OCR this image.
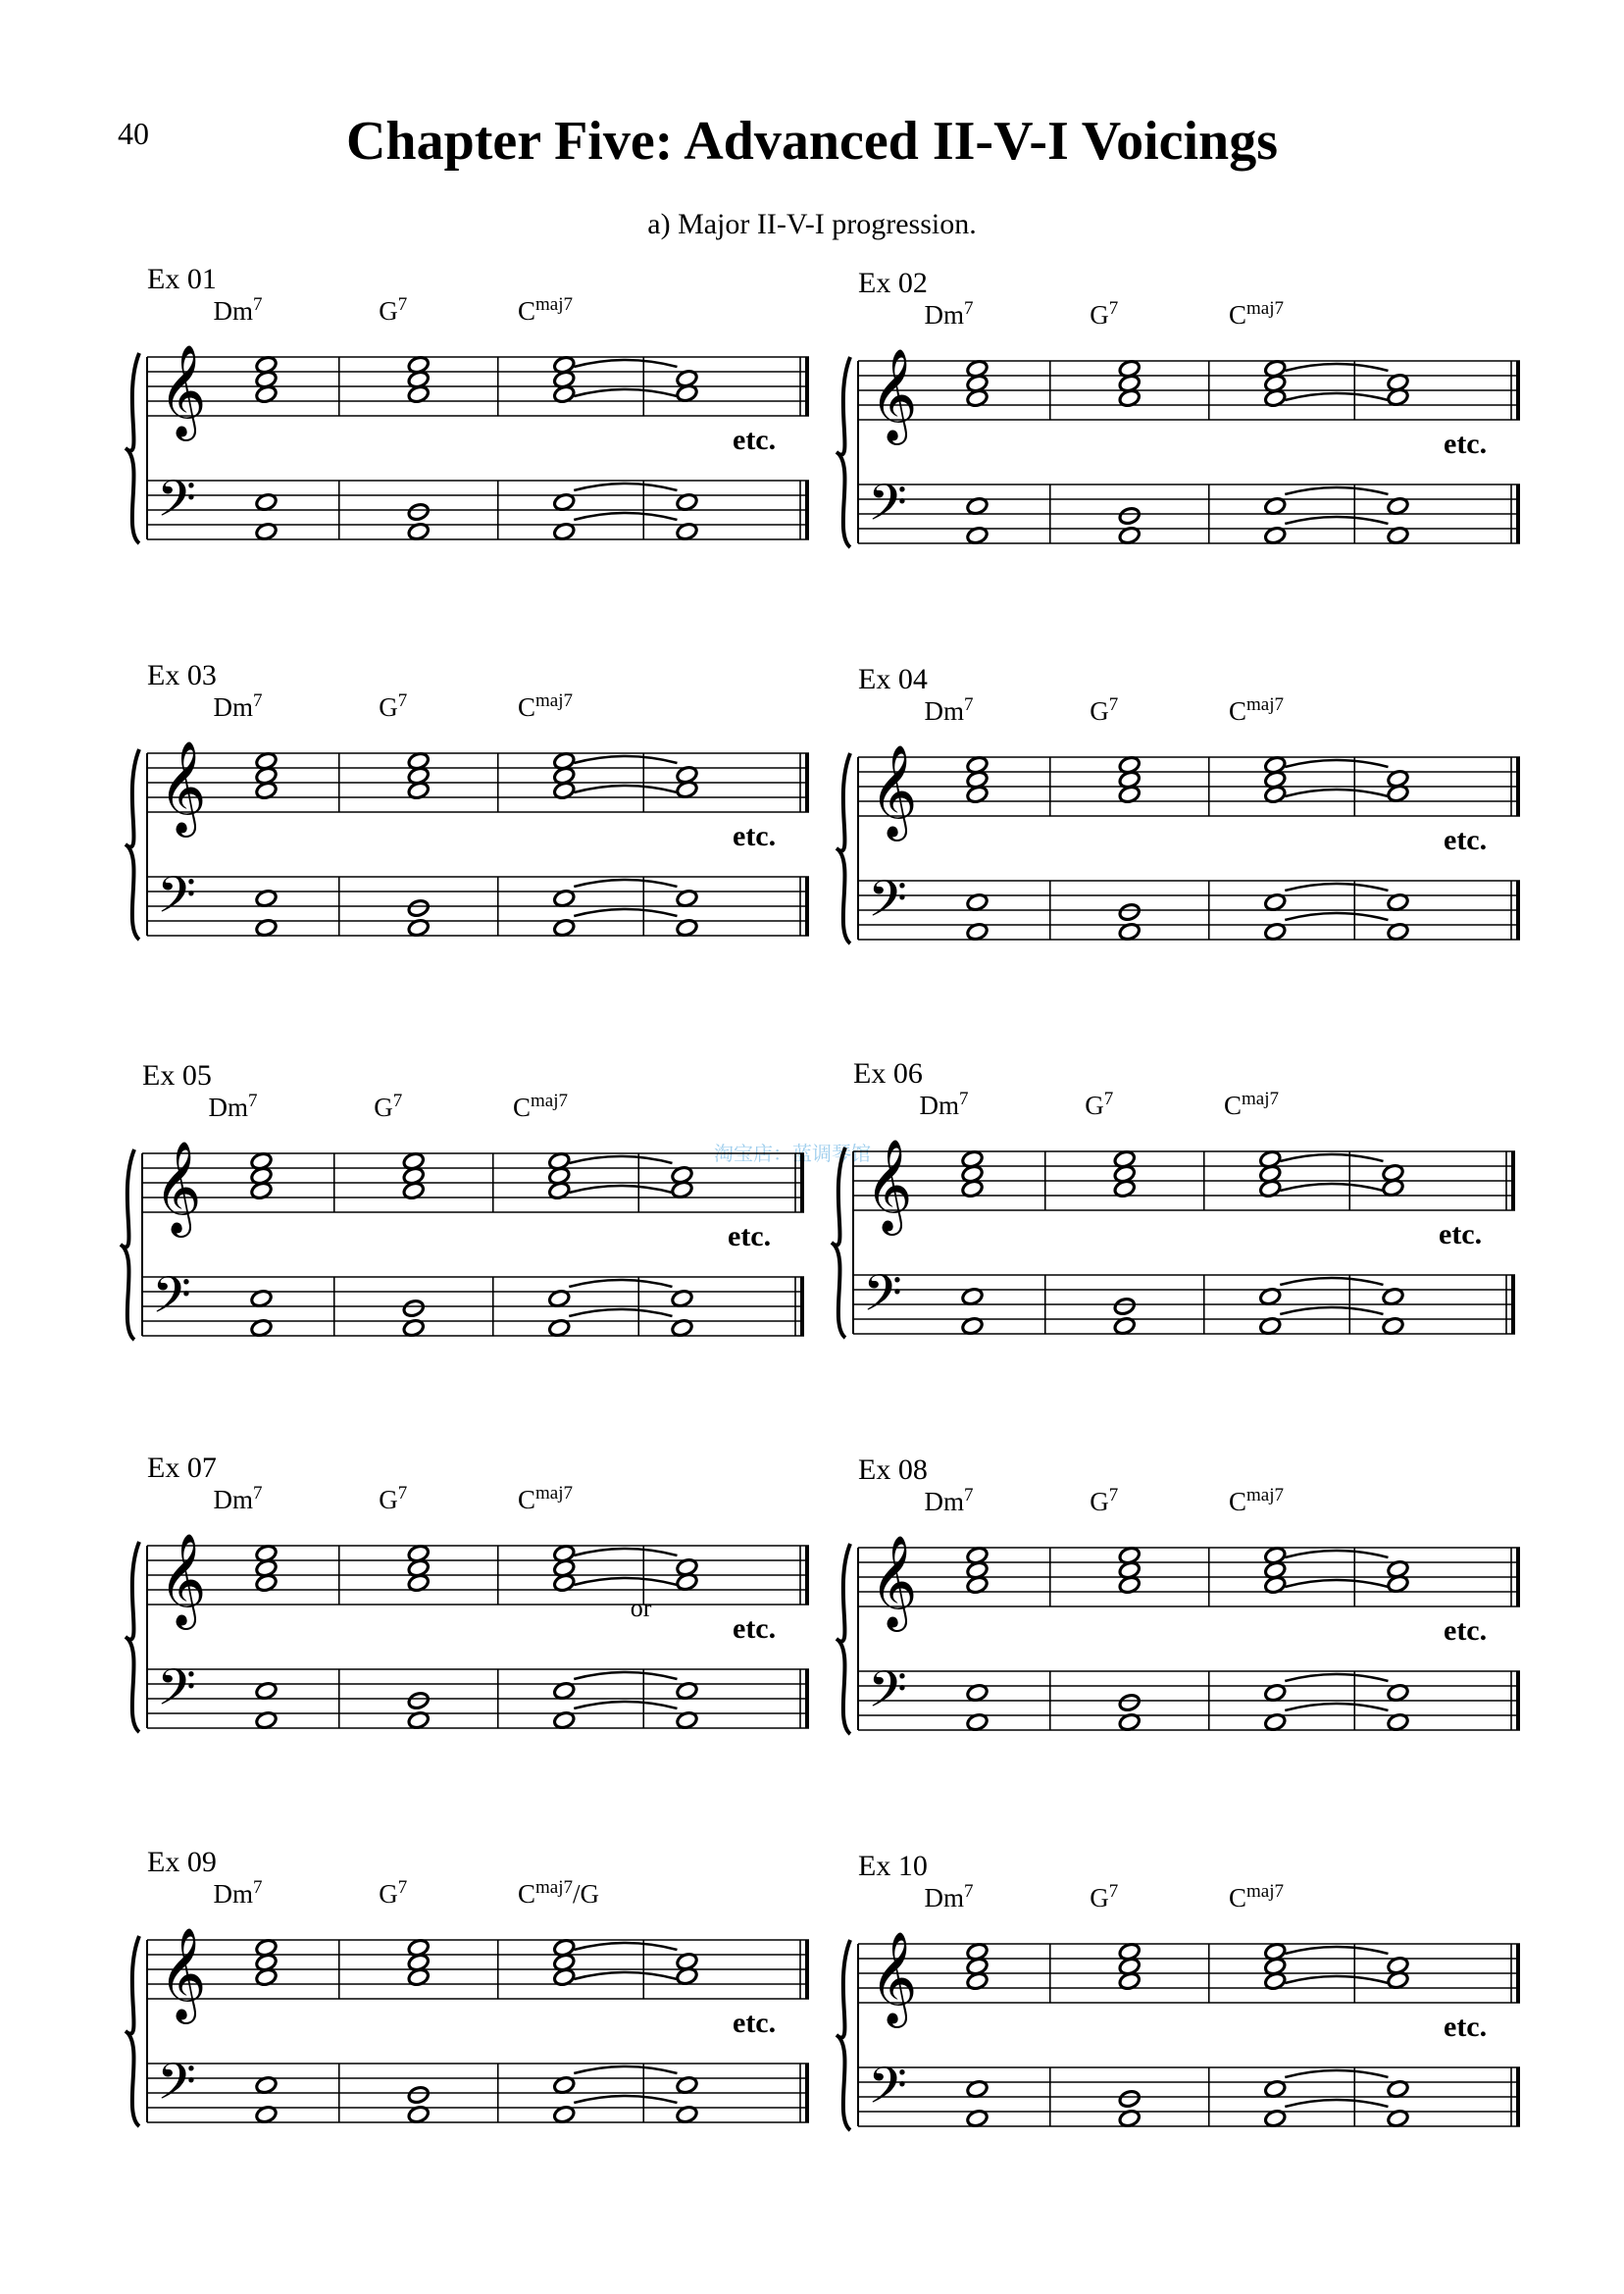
40	Chapter Five: Advanced II-V-I Voicings
a) Major II-V-I progression.
淘宝店：蓝调琴馆
Ex 01
𝄞
𝄢
Dm$^7$	$G^7$	$C^{maj7}$
etc.
Ex 02
𝄞
𝄢
Dm$^7$	$G^7$	$C^{maj7}$
etc.
Ex 03
𝄞
𝄢
Dm$^7$	$G^7$	$C^{maj7}$
etc.
Ex 04
𝄞
𝄢
Dm$^7$	$G^7$	$C^{maj7}$
etc.
Ex 05
𝄞
𝄢
Dm$^7$	$G^7$	$C^{maj7}$
etc.
Ex 06
𝄞
𝄢
Dm$^7$	$G^7$	$C^{maj7}$
etc.
Ex 07
𝄞
𝄢
Dm$^7$	$G^7$	$C^{maj7}$
or
etc.
Ex 08
𝄞
𝄢
Dm$^7$	$G^7$	$C^{maj7}$
etc.
Ex 09
𝄞
𝄢
Dm$^7$	$G^7$	$C^{maj7}/G$
etc.
Ex 10
𝄞
𝄢
Dm$^7$	$G^7$	$C^{maj7}$
etc.
